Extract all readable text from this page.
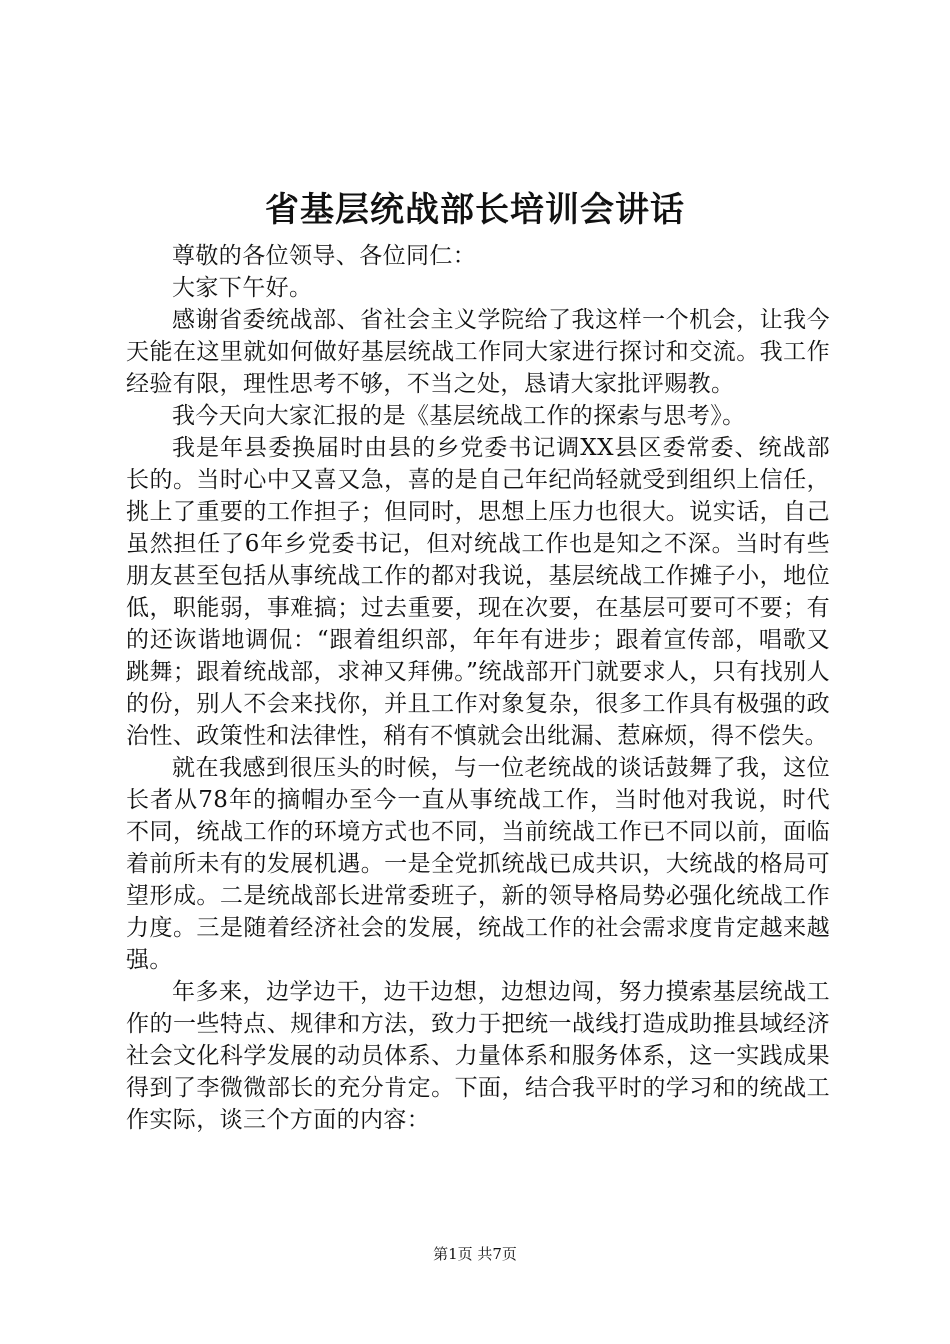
省基层统战部长培训会讲话

尊敬的各位领导、各位同仁：

大家下午好。

感谢省委统战部、省社会主义学院给了我这样一个机会，让我今天能在这里就如何做好基层统战工作同大家进行探讨和交流。我工作经验有限，理性思考不够，不当之处，恳请大家批评赐教。

我今天向大家汇报的是《基层统战工作的探索与思考》。

我是年县委换届时由县的乡党委书记调XX县区委常委、统战部长的。当时心中又喜又急，喜的是自己年纪尚轻就受到组织上信任，挑上了重要的工作担子；但同时，思想上压力也很大。说实话，自己虽然担任了6年乡党委书记，但对统战工作也是知之不深。当时有些朋友甚至包括从事统战工作的都对我说，基层统战工作摊子小，地位低，职能弱，事难搞；过去重要，现在次要，在基层可要可不要；有的还诙谐地调侃：“跟着组织部，年年有进步；跟着宣传部，唱歌又跳舞；跟着统战部，求神又拜佛。”统战部开门就要求人，只有找别人的份，别人不会来找你，并且工作对象复杂，很多工作具有极强的政治性、政策性和法律性，稍有不慎就会出纰漏、惹麻烦，得不偿失。

就在我感到很压头的时候，与一位老统战的谈话鼓舞了我，这位长者从78年的摘帽办至今一直从事统战工作，当时他对我说，时代不同，统战工作的环境方式也不同，当前统战工作已不同以前，面临着前所未有的发展机遇。一是全党抓统战已成共识，大统战的格局可望形成。二是统战部长进常委班子，新的领导格局势必强化统战工作力度。三是随着经济社会的发展，统战工作的社会需求度肯定越来越强。

年多来，边学边干，边干边想，边想边闯，努力摸索基层统战工作的一些特点、规律和方法，致力于把统一战线打造成助推县域经济社会文化科学发展的动员体系、力量体系和服务体系，这一实践成果得到了李微微部长的充分肯定。下面，结合我平时的学习和的统战工作实际，谈三个方面的内容：

第1页 共7页
